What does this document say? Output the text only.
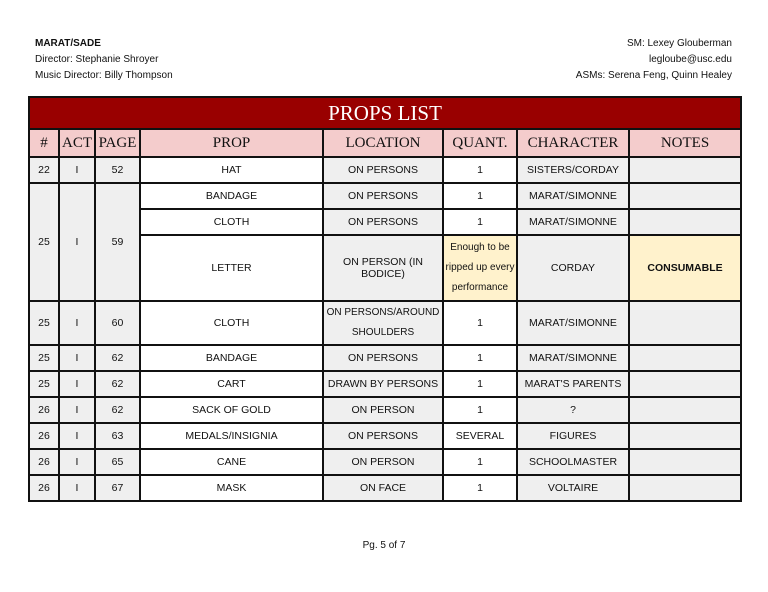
MARAT/SADE
Director: Stephanie Shroyer
Music Director: Billy Thompson
SM: Lexey Glouberman
legloube@usc.edu
ASMs: Serena Feng, Quinn Healey
PROPS LIST							
#	ACT	PAGE	PROP	LOCATION	QUANT.	CHARACTER	NOTES
22	I	52	HAT	ON PERSONS	1	SISTERS/CORDAY	
25	I	59	BANDAGE	ON PERSONS	1	MARAT/SIMONNE	
			CLOTH	ON PERSONS	1	MARAT/SIMONNE	
			LETTER	ON PERSON (IN BODICE)	Enough to be ripped up every performance	CORDAY	CONSUMABLE
25	I	60	CLOTH	ON PERSONS/AROUND SHOULDERS	1	MARAT/SIMONNE	
25	I	62	BANDAGE	ON PERSONS	1	MARAT/SIMONNE	
25	I	62	CART	DRAWN BY PERSONS	1	MARAT'S PARENTS	
26	I	62	SACK OF GOLD	ON PERSON	1	?	
26	I	63	MEDALS/INSIGNIA	ON PERSONS	SEVERAL	FIGURES	
26	I	65	CANE	ON PERSON	1	SCHOOLMASTER	
26	I	67	MASK	ON FACE	1	VOLTAIRE	
Pg. 5 of 7
